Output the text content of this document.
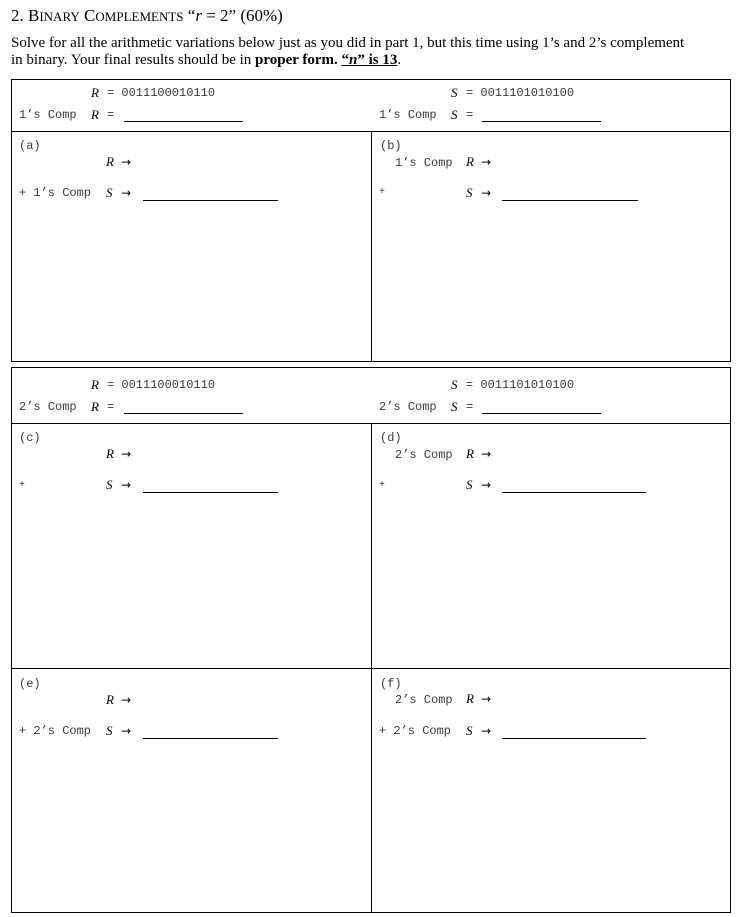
2. BINARY COMPLEMENTS “r = 2” (60%)
Solve for all the arithmetic variations below just as you did in part 1, but this time using 1’s and 2’s complement
in binary. Your final results should be in proper form. “n” is 13.
R = 0011100010110
1’s Comp R =
S = 0011101010100
1’s Comp S =
(a)
R →
+ 1’s Comp S →
(b)
1’s Comp R →
+	S →
R = 0011100010110
2’s Comp R =
S = 0011101010100
2’s Comp S =
(c)
R →
+	S →
(d)
2’s Comp R →
+	S →
(e)
R →
+ 2’s Comp S →
(f)
2’s Comp R →
+ 2’s Comp S →
